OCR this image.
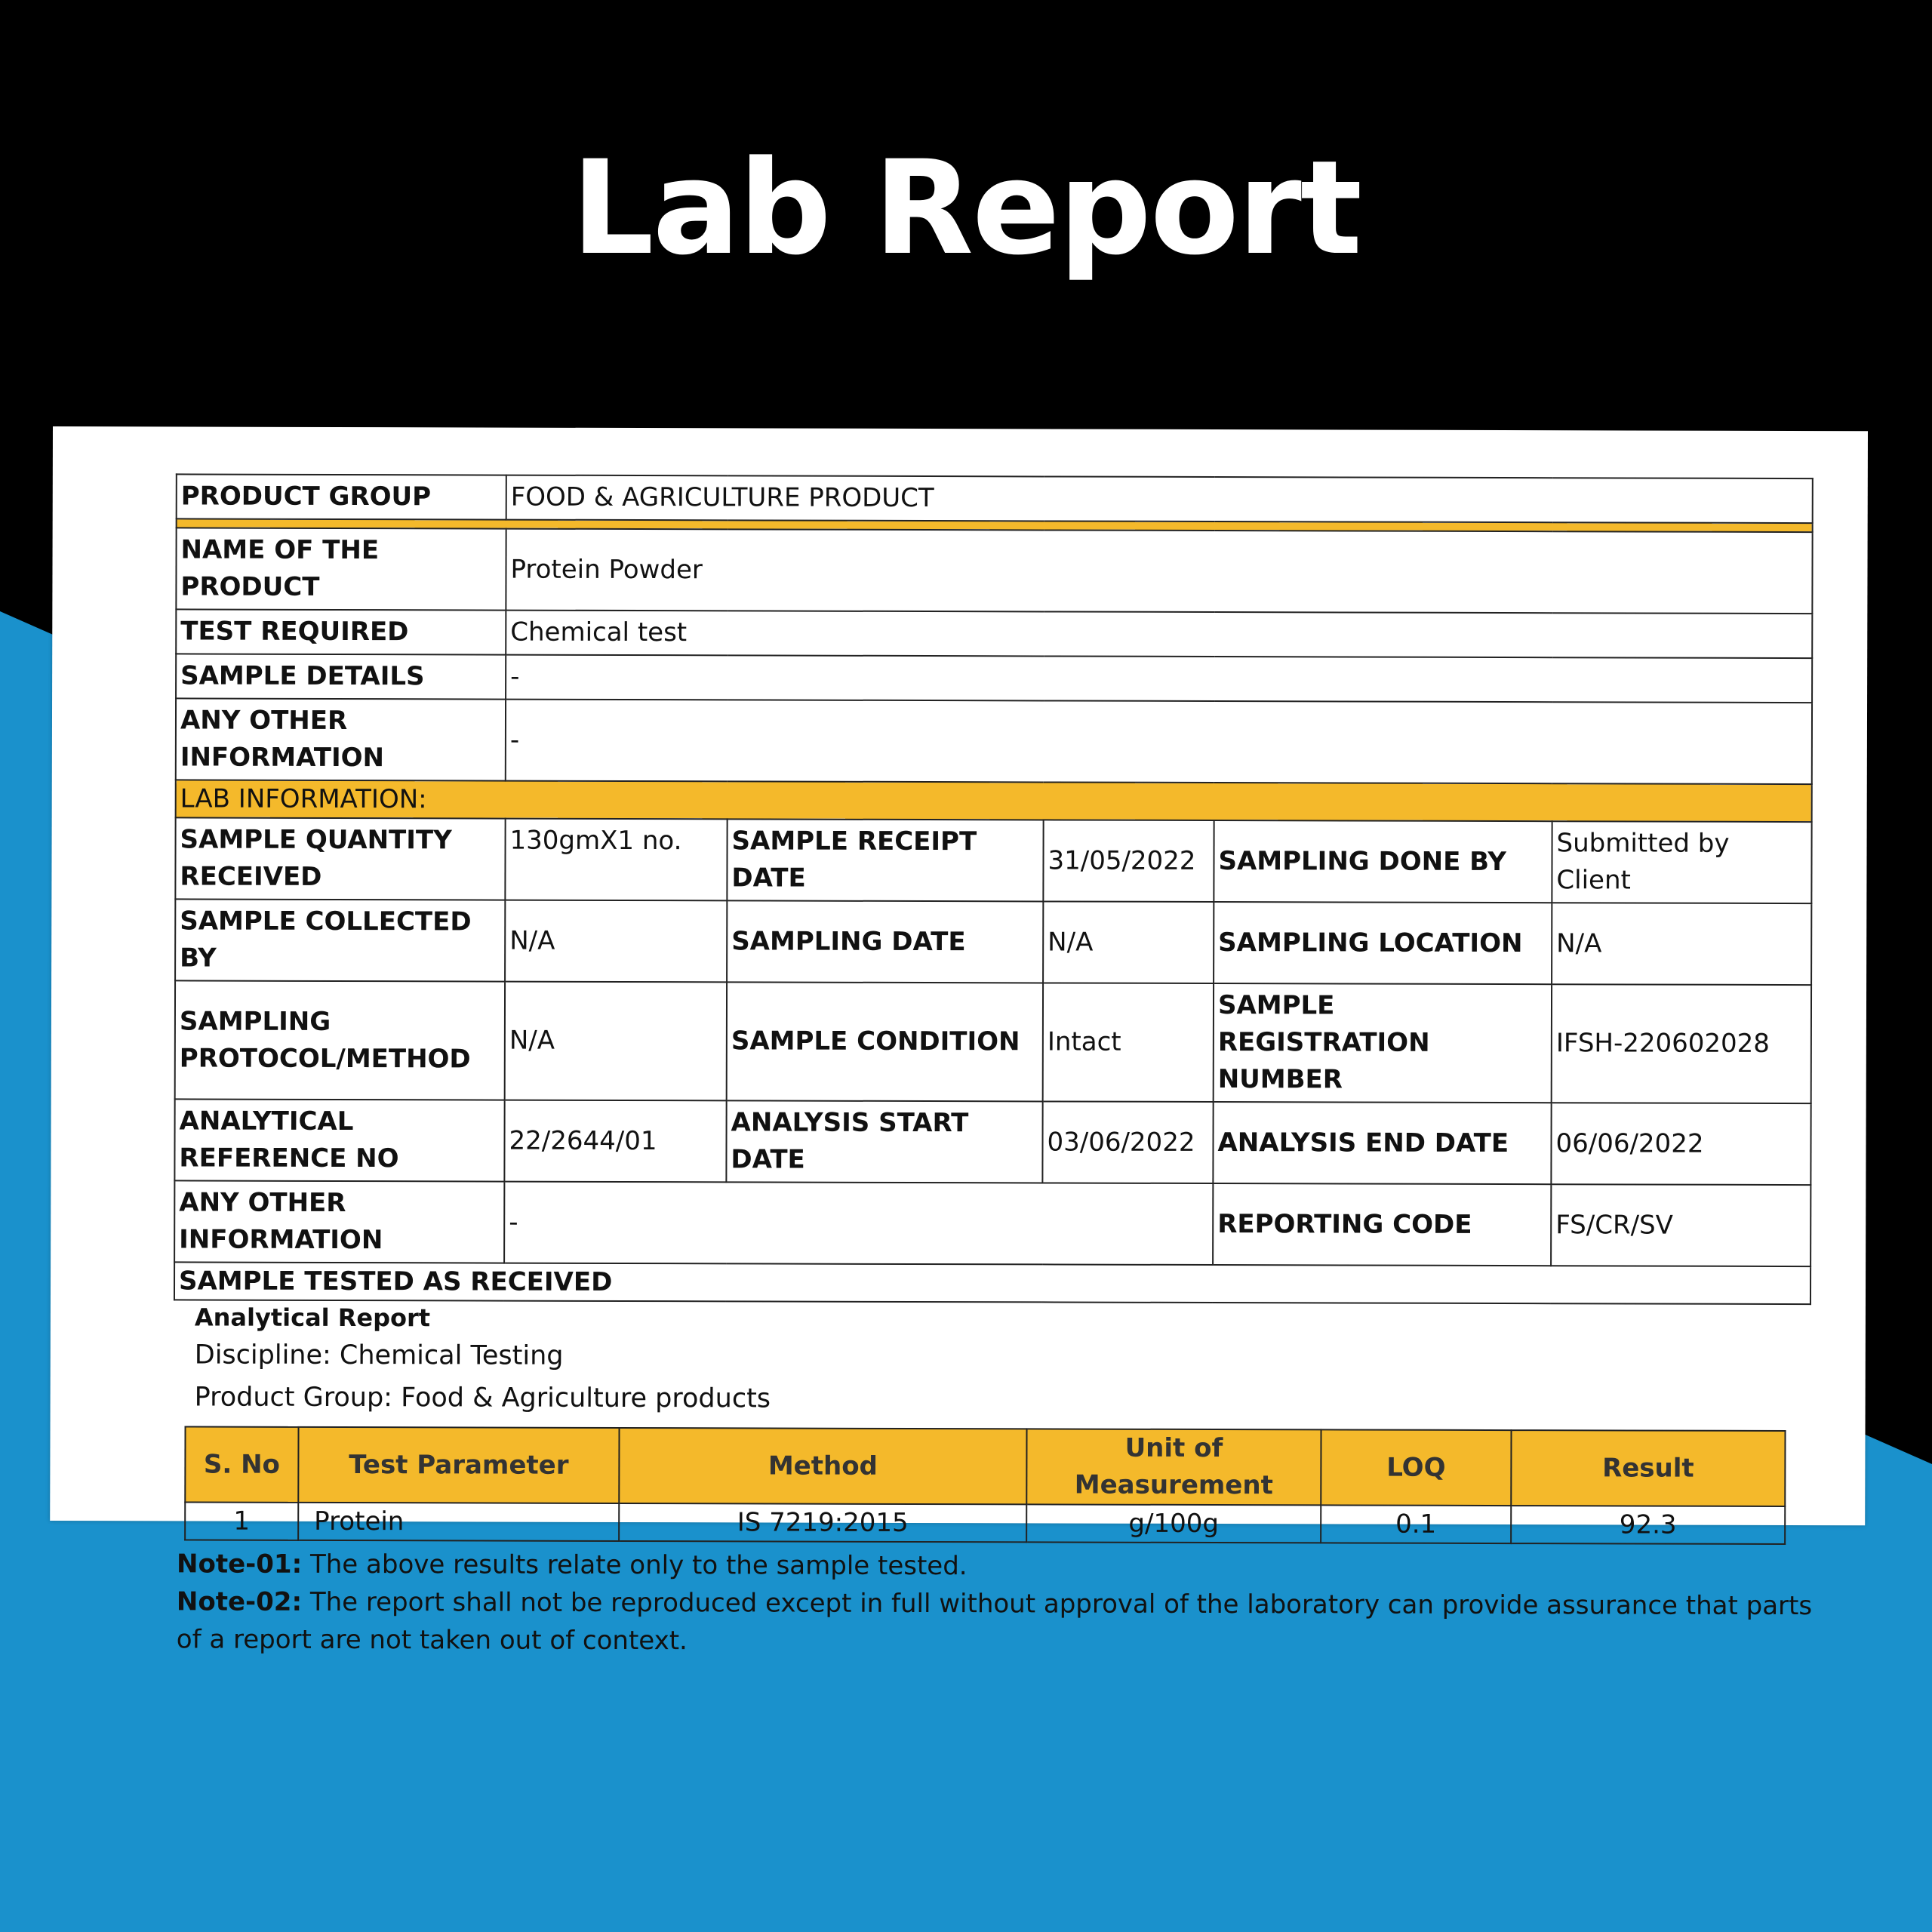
Lab Report
PRODUCT GROUP	FOOD & AGRICULTURE PRODUCT				

NAME OF THE PRODUCT	Protein Powder				
TEST REQUIRED	Chemical test				
SAMPLE DETAILS	-				
ANY OTHER INFORMATION	-				
LAB INFORMATION:					
SAMPLE QUANTITY RECEIVED	130gmX1 no.	SAMPLE RECEIPT DATE	31/05/2022	SAMPLING DONE BY	Submitted by Client
SAMPLE COLLECTED BY	N/A	SAMPLING DATE	N/A	SAMPLING LOCATION	N/A
SAMPLING PROTOCOL/METHOD	N/A	SAMPLE CONDITION	Intact	SAMPLE REGISTRATION NUMBER	IFSH-220602028
ANALYTICAL REFERENCE NO	22/2644/01	ANALYSIS START DATE	03/06/2022	ANALYSIS END DATE	06/06/2022
ANY OTHER INFORMATION	-			REPORTING CODE	FS/CR/SV
SAMPLE TESTED AS RECEIVED					
Analytical Report
Discipline: Chemical Testing
Product Group: Food & Agriculture products
S. No	Test Parameter	Method	Unit of Measurement	LOQ	Result
1	Protein	IS 7219:2015	g/100g	0.1	92.3
Note-01: The above results relate only to the sample tested.
Note-02: The report shall not be reproduced except in full without approval of the laboratory can provide assurance that parts of a report are not taken out of context.
